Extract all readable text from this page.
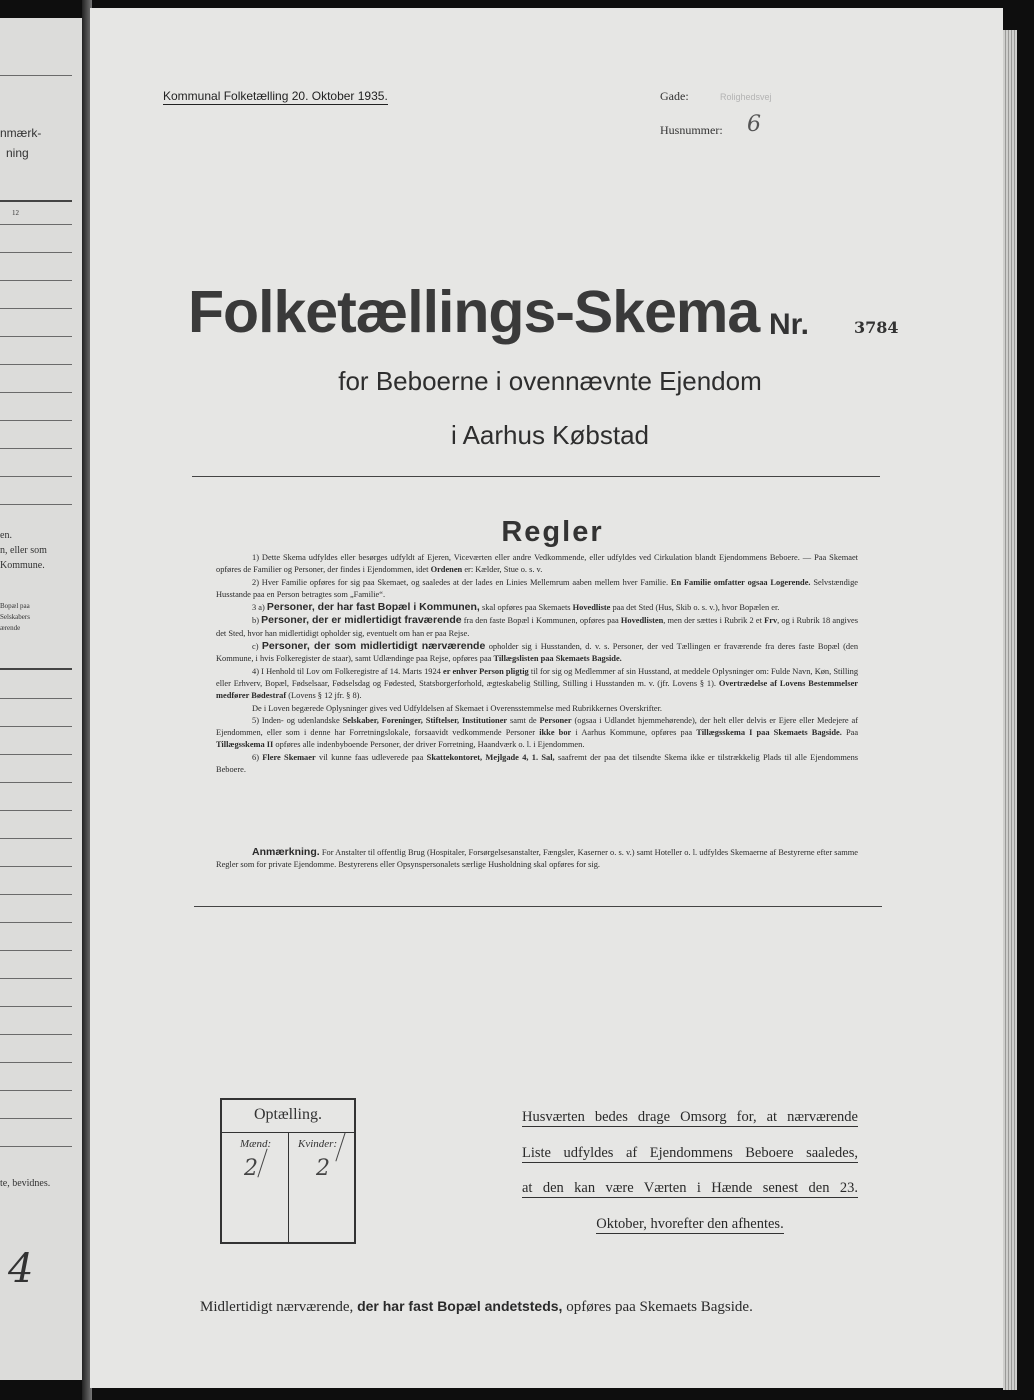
nmærk-
ning
12
en.
n, eller som
Kommune.
Bopæl paa
Selskabers
ærende
te, bevidnes.
4
Kommunal Folketælling 20. Oktober 1935.	Gade:	Rolighedsvej
Husnummer: 6
Folketællings-Skema Nr.	3784
for Beboerne i ovennævnte Ejendom
i Aarhus Købstad
Regler

1) Dette Skema udfyldes eller besørges udfyldt af Ejeren, Viceværten eller andre Vedkommende, eller udfyldes ved Cirkulation blandt Ejendommens Beboere. — Paa Skemaet opføres de Familier og Personer, der findes i Ejendommen, idet Ordenen er: Kælder, Stue o. s. v.

2) Hver Familie opføres for sig paa Skemaet, og saaledes at der lades en Linies Mellemrum aaben mellem hver Familie. En Familie omfatter ogsaa Logerende. Selvstændige Husstande paa en Person betragtes som „Familie“.

3 a) Personer, der har fast Bopæl i Kommunen, skal opføres paa Skemaets Hovedliste paa det Sted (Hus, Skib o. s. v.), hvor Bopælen er.

b) Personer, der er midlertidigt fraværende fra den faste Bopæl i Kommunen, opføres paa Hovedlisten, men der sættes i Rubrik 2 et Frv, og i Rubrik 18 angives det Sted, hvor han midlertidigt opholder sig, eventuelt om han er paa Rejse.

c) Personer, der som midlertidigt nærværende opholder sig i Husstanden, d. v. s. Personer, der ved Tællingen er fraværende fra deres faste Bopæl (den Kommune, i hvis Folkeregister de staar), samt Udlændinge paa Rejse, opføres paa Tillægslisten paa Skemaets Bagside.

4) I Henhold til Lov om Folkeregistre af 14. Marts 1924 er enhver Person pligtig til for sig og Medlemmer af sin Husstand, at meddele Oplysninger om: Fulde Navn, Køn, Stilling eller Erhverv, Bopæl, Fødselsaar, Fødselsdag og Fødested, Statsborgerforhold, ægteskabelig Stilling, Stilling i Husstanden m. v. (jfr. Lovens § 1). Overtrædelse af Lovens Bestemmelser medfører Bødestraf (Lovens § 12 jfr. § 8).

De i Loven begærede Oplysninger gives ved Udfyldelsen af Skemaet i Overensstemmelse med Rubrikkernes Overskrifter.

5) Inden- og udenlandske Selskaber, Foreninger, Stiftelser, Institutioner samt de Personer (ogsaa i Udlandet hjemmehørende), der helt eller delvis er Ejere eller Medejere af Ejendommen, eller som i denne har Forretningslokale, forsaavidt vedkommende Personer ikke bor i Aarhus Kommune, opføres paa Tillægsskema I paa Skemaets Bagside. Paa Tillægsskema II opføres alle indenbyboende Personer, der driver Forretning, Haandværk o. l. i Ejendommen.

6) Flere Skemaer vil kunne faas udleverede paa Skattekontoret, Mejlgade 4, 1. Sal, saafremt der paa det tilsendte Skema ikke er tilstrækkelig Plads til alle Ejendommens Beboere.

Anmærkning. For Anstalter til offentlig Brug (Hospitaler, Forsørgelsesanstalter, Fængsler, Kaserner o. s. v.) samt Hoteller o. l. udfyldes Skemaerne af Bestyrerne efter samme Regler som for private Ejendomme. Bestyrerens eller Opsynspersonalets særlige Husholdning skal opføres for sig.

Optælling.
Mænd: Kvinder:
2	2
Husværten bedes drage Omsorg for, at nærværende
Liste udfyldes af Ejendommens Beboere saaledes,
at den kan være Værten i Hænde senest den 23.
Oktober, hvorefter den afhentes.
Midlertidigt nærværende, der har fast Bopæl andetsteds, opføres paa Skemaets Bagside.
